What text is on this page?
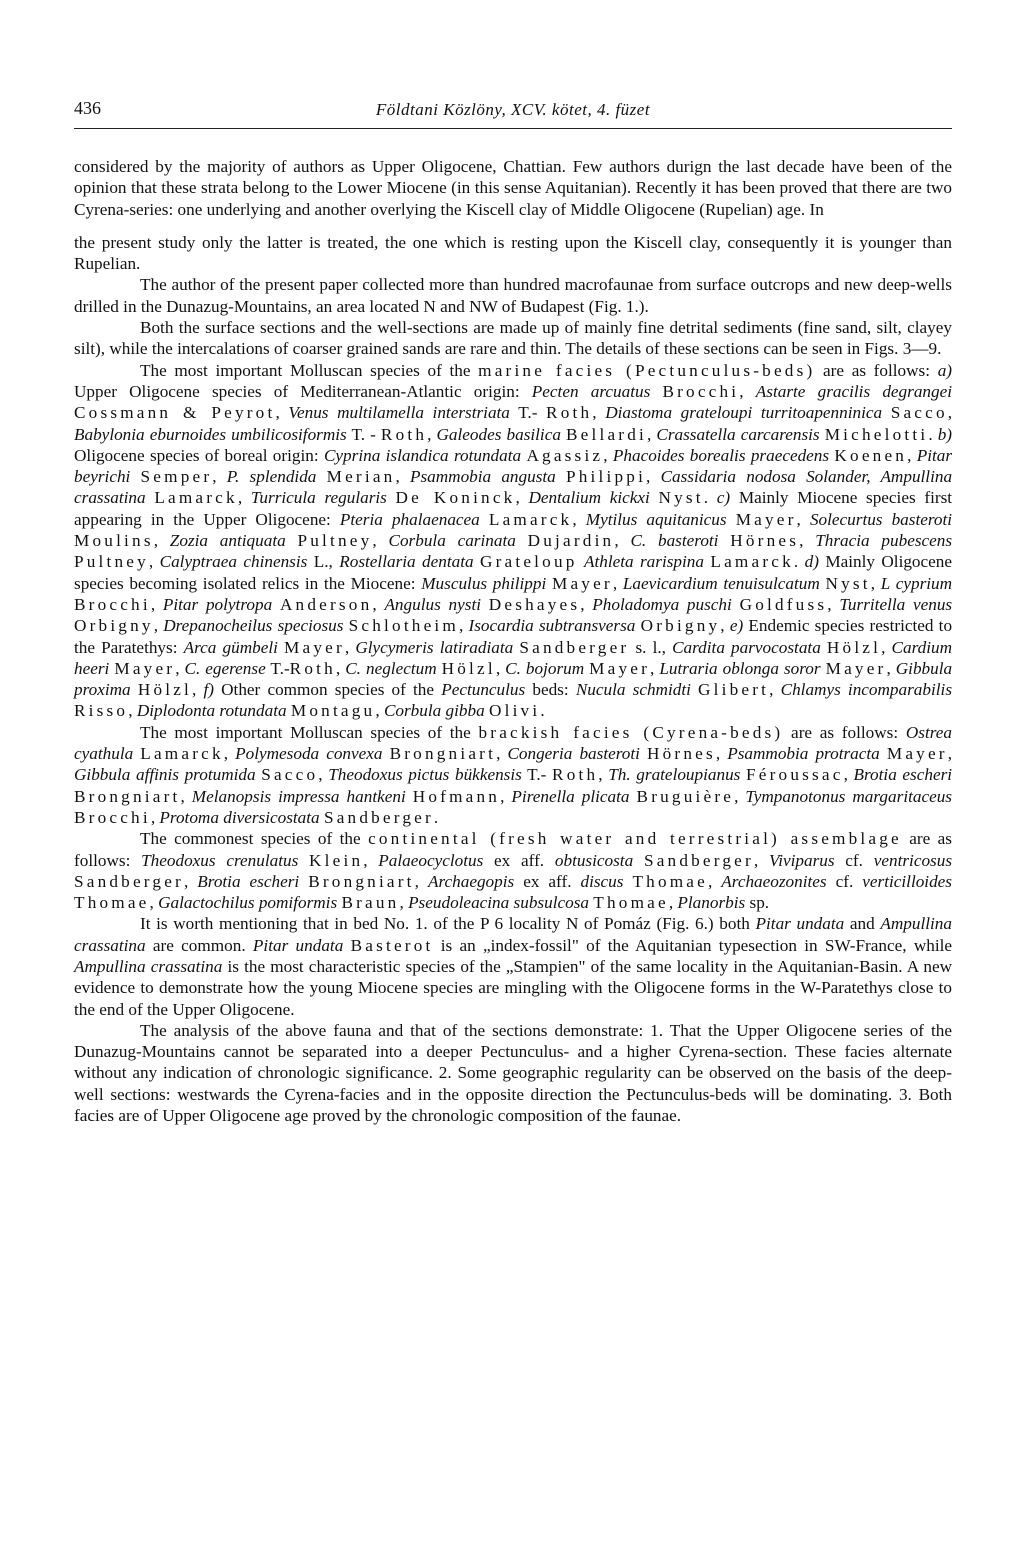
436	Földtani Közlöny, XCV. kötet, 4. füzet

considered by the majority of authors as Upper Oligocene, Chattian. Few authors durign the last decade have been of the opinion that these strata belong to the Lower Miocene (in this sense Aquitanian). Recently it has been proved that there are two Cyrena-series: one underlying and another overlying the Kiscell clay of Middle Oligocene (Rupelian) age. In

the present study only the latter is treated, the one which is resting upon the Kiscell clay, consequently it is younger than Rupelian.

The author of the present paper collected more than hundred macrofaunae from surface outcrops and new deep-wells drilled in the Dunazug-Mountains, an area located N and NW of Budapest (Fig. 1.).

Both the surface sections and the well-sections are made up of mainly fine detrital sediments (fine sand, silt, clayey silt), while the intercalations of coarser grained sands are rare and thin. The details of these sections can be seen in Figs. 3—9.

The most important Molluscan species of the marine facies (Pectunculus-beds) are as follows: a) Upper Oligocene species of Mediterranean-Atlantic origin: Pecten arcuatus Brocchi, Astarte gracilis degrangei Cossmann & Peyrot, Venus multilamella interstriata T.- Roth, Diastoma grateloupi turritoapenninica Sacco, Babylonia eburnoides umbilicosiformis T. - Roth, Galeodes basilica Bellardi, Crassatella carcarensis Michelotti. b) Oligocene species of boreal origin: Cyprina islandica rotundata Agassiz, Phacoides borealis praecedens Koenen, Pitar beyrichi Semper, P. splendida Merian, Psammobia angusta Philippi, Cassidaria nodosa Solander, Ampullina crassatina Lamarck, Turricula regularis De Koninck, Dentalium kickxi Nyst. c) Mainly Miocene species first appearing in the Upper Oligocene: Pteria phalaenacea Lamarck, Mytilus aquitanicus Mayer, Solecurtus basteroti Moulins, Zozia antiquata Pultney, Corbula carinata Dujardin, C. basteroti Hörnes, Thracia pubescens Pultney, Calyptraea chinensis L., Rostellaria dentata Grateloup Athleta rarispina Lamarck. d) Mainly Oligocene species becoming isolated relics in the Miocene: Musculus philippi Mayer, Laevicardium tenuisulcatum Nyst, L cyprium Brocchi, Pitar polytropa Anderson, Angulus nysti Deshayes, Pholadomya puschi Goldfuss, Turritella venus Orbigny, Drepanocheilus speciosus Schlotheim, Isocardia subtransversa Orbigny, e) Endemic species restricted to the Paratethys: Arca gümbeli Mayer, Glycymeris latiradiata Sandberger s. l., Cardita parvocostata Hölzl, Cardium heeri Mayer, C. egerense T.-Roth, C. neglectum Hölzl, C. bojorum Mayer, Lutraria oblonga soror Mayer, Gibbula proxima Hölzl, f) Other common species of the Pectunculus beds: Nucula schmidti Glibert, Chlamys incomparabilis Risso, Diplodonta rotundata Montagu, Corbula gibba Olivi.

The most important Molluscan species of the brackish facies (Cyrena-beds) are as follows: Ostrea cyathula Lamarck, Polymesoda convexa Brongniart, Congeria basteroti Hörnes, Psammobia protracta Mayer, Gibbula affinis protumida Sacco, Theodoxus pictus bükkensis T.- Roth, Th. grateloupianus Féroussac, Brotia escheri Brongniart, Melanopsis impressa hantkeni Hofmann, Pirenella plicata Bruguière, Tympanotonus margaritaceus Brocchi, Protoma diversicostata Sandberger.

The commonest species of the continental (fresh water and terrestrial) assemblage are as follows: Theodoxus crenulatus Klein, Palaeocyclotus ex aff. obtusicosta Sandberger, Viviparus cf. ventricosus Sandberger, Brotia escheri Brongniart, Archaegopis ex aff. discus Thomae, Archaeozonites cf. verticilloides Thomae, Galactochilus pomiformis Braun, Pseudoleacina subsulcosa Thomae, Planorbis sp.

It is worth mentioning that in bed No. 1. of the P 6 locality N of Pomáz (Fig. 6.) both Pitar undata and Ampullina crassatina are common. Pitar undata Basterot is an „index-fossil" of the Aquitanian typesection in SW-France, while Ampullina crassatina is the most characteristic species of the „Stampien" of the same locality in the Aquitanian-Basin. A new evidence to demonstrate how the young Miocene species are mingling with the Oligocene forms in the W-Paratethys close to the end of the Upper Oligocene.

The analysis of the above fauna and that of the sections demonstrate: 1. That the Upper Oligocene series of the Dunazug-Mountains cannot be separated into a deeper Pectunculus- and a higher Cyrena-section. These facies alternate without any indication of chronologic significance. 2. Some geographic regularity can be observed on the basis of the deep-well sections: westwards the Cyrena-facies and in the opposite direction the Pectunculus-beds will be dominating. 3. Both facies are of Upper Oligocene age proved by the chronologic composition of the faunae.
